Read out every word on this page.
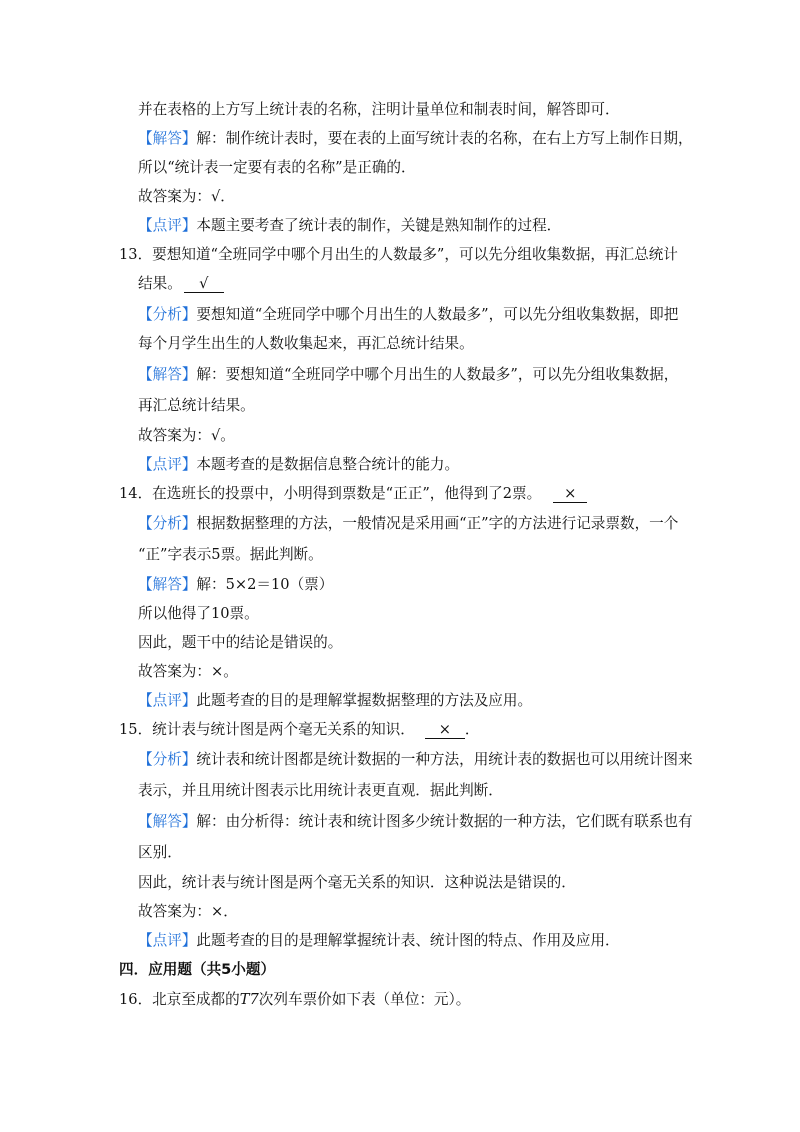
并在表格的上方写上统计表的名称，注明计量单位和制表时间，解答即可．
【解答】解：制作统计表时，要在表的上面写统计表的名称，在右上方写上制作日期，
所以“统计表一定要有表的名称”是正确的．
故答案为：√．
【点评】本题主要考查了统计表的制作，关键是熟知制作的过程．
13．要想知道“全班同学中哪个月出生的人数最多”，可以先分组收集数据，再汇总统计
结果。 √
【分析】要想知道“全班同学中哪个月出生的人数最多”，可以先分组收集数据，即把
每个月学生出生的人数收集起来，再汇总统计结果。
【解答】解：要想知道“全班同学中哪个月出生的人数最多”，可以先分组收集数据，
再汇总统计结果。
故答案为：√。
【点评】本题考查的是数据信息整合统计的能力。
14．在选班长的投票中，小明得到票数是“正正”，他得到了2票。 ×
【分析】根据数据整理的方法，一般情况是采用画“正”字的方法进行记录票数，一个
“正”字表示5票。据此判断。
【解答】解：5×2＝10（票）
所以他得了10票。
因此，题干中的结论是错误的。
故答案为：×。
【点评】此题考查的目的是理解掌握数据整理的方法及应用。
15．统计表与统计图是两个毫无关系的知识． × ．
【分析】统计表和统计图都是统计数据的一种方法，用统计表的数据也可以用统计图来
表示，并且用统计图表示比用统计表更直观．据此判断．
【解答】解：由分析得：统计表和统计图多少统计数据的一种方法，它们既有联系也有
区别．
因此，统计表与统计图是两个毫无关系的知识．这种说法是错误的．
故答案为：×．
【点评】此题考查的目的是理解掌握统计表、统计图的特点、作用及应用．
四．应用题（共5小题）
16．北京至成都的T7次列车票价如下表（单位：元）。
